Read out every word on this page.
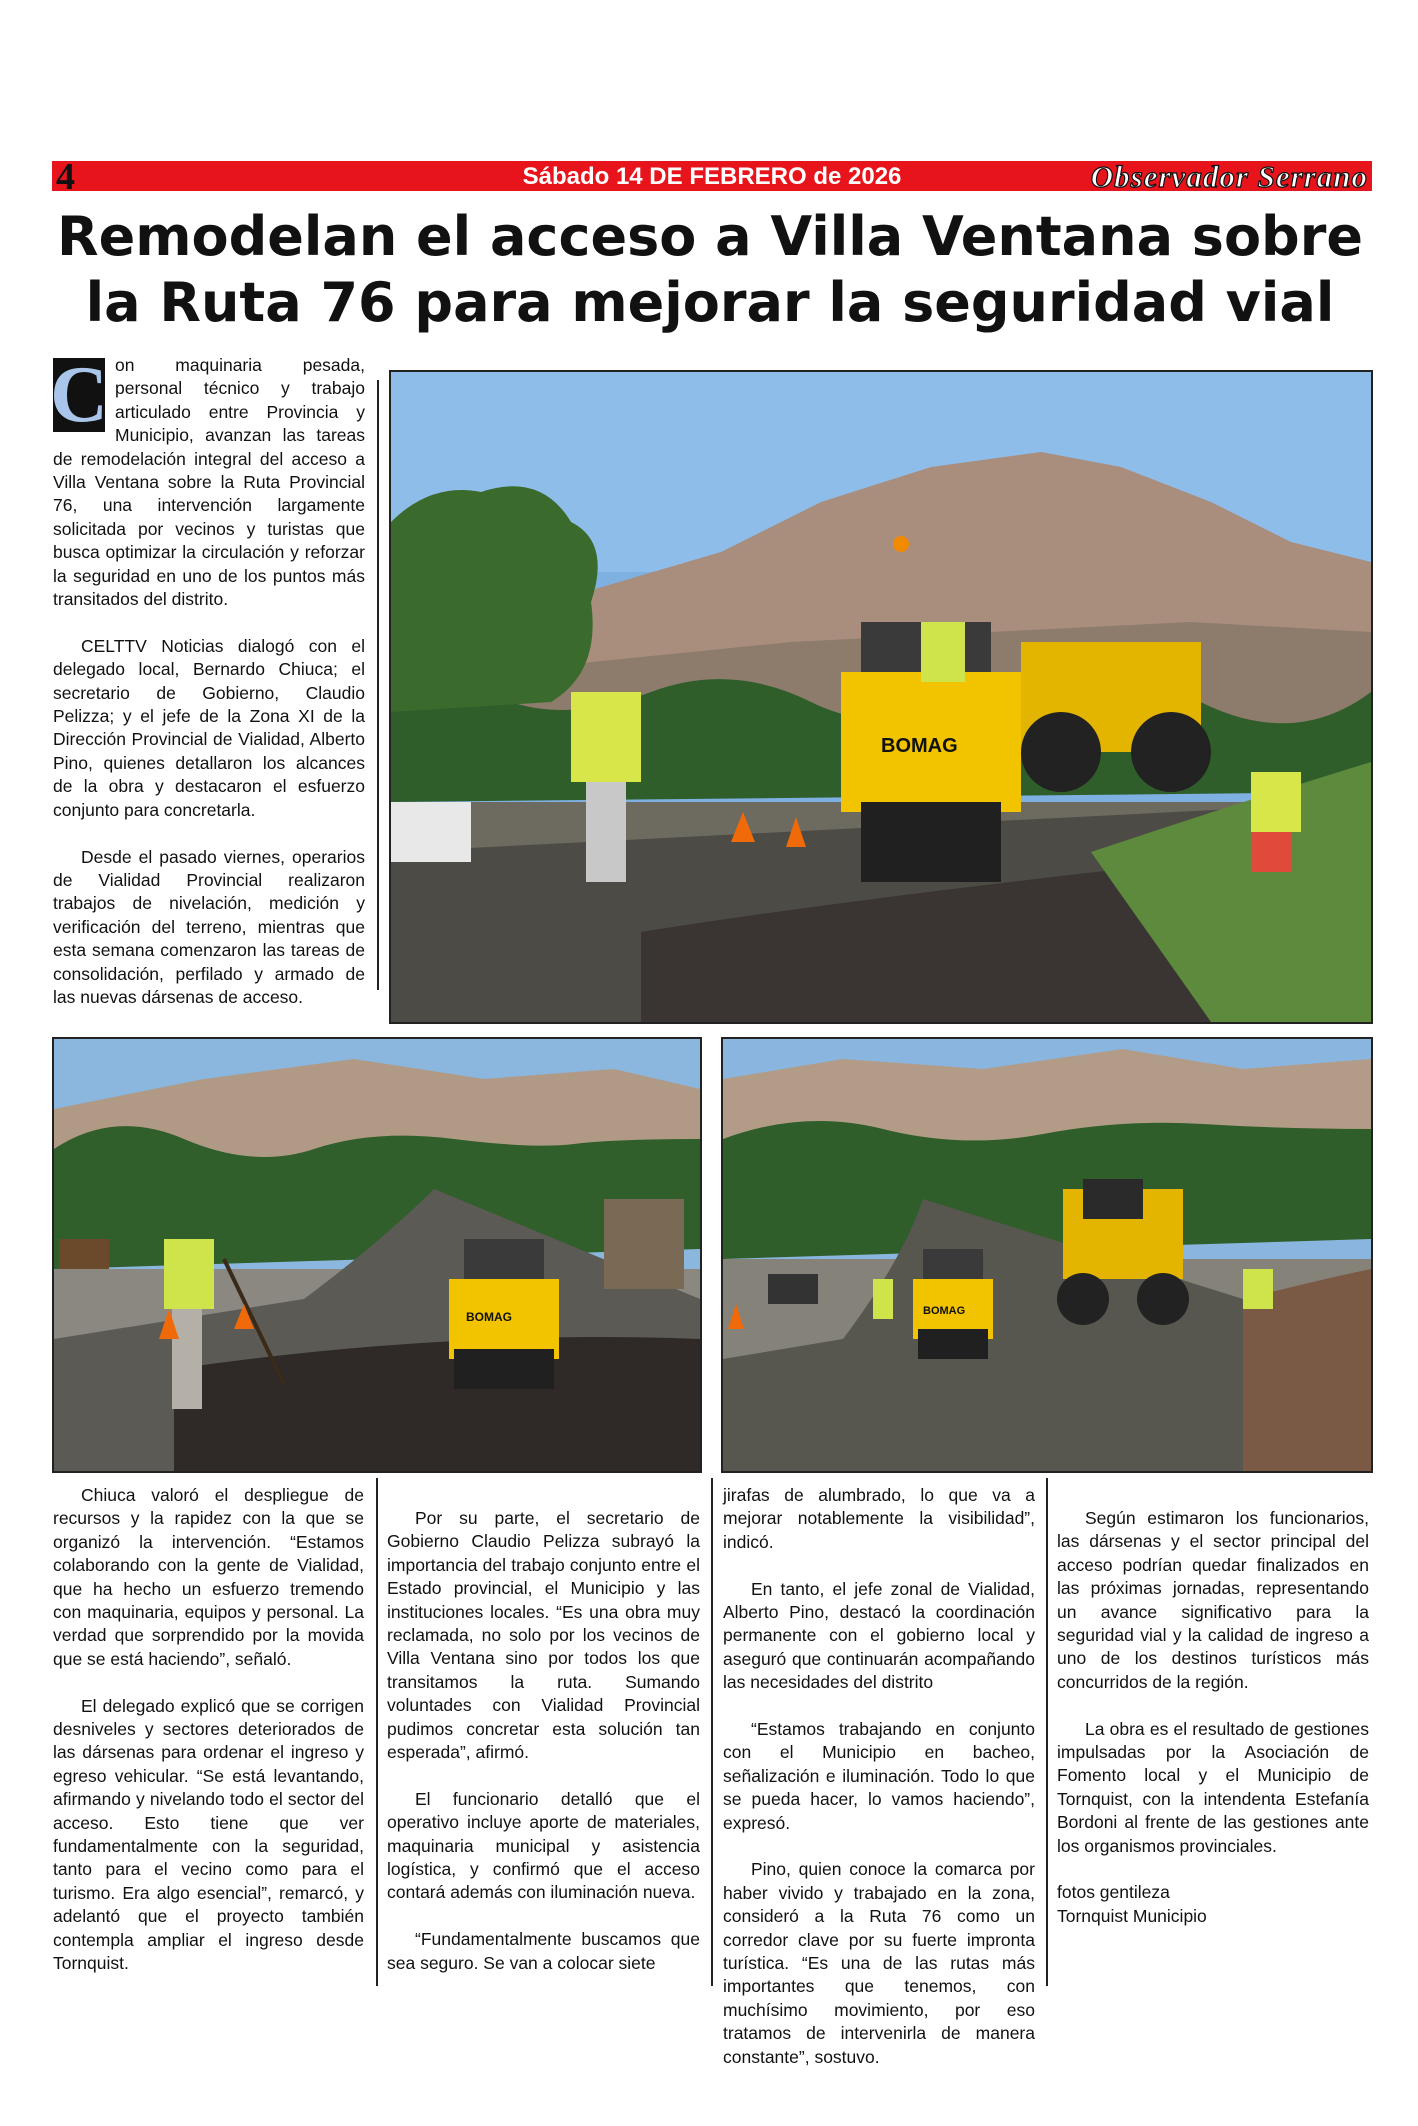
4	Sábado 14 DE FEBRERO de 2026	Observador Serrano
Remodelan el acceso a Villa Ventana sobre
la Ruta 76 para mejorar la seguridad vial

C on maquinaria pesada, personal técnico y trabajo articulado entre Provincia y Municipio, avanzan las tareas de remodelación integral del acceso a Villa Ventana sobre la Ruta Provincial 76, una intervención largamente solicitada por vecinos y turistas que busca optimizar la circulación y reforzar la seguridad en uno de los puntos más transitados del distrito.

CELTTV Noticias dialogó con el delegado local, Bernardo Chiuca; el secretario de Gobierno, Claudio Pelizza; y el jefe de la Zona XI de la Dirección Provincial de Vialidad, Alberto Pino, quienes detallaron los alcances de la obra y destacaron el esfuerzo conjunto para concretarla.

Desde el pasado viernes, operarios de Vialidad Provincial realizaron trabajos de nivelación, medición y verificación del terreno, mientras que esta semana comenzaron las tareas de consolidación, perfilado y armado de las nuevas dársenas de acceso.

BOMAG
BOMAG	BOMAG

Chiuca valoró el despliegue de recursos y la rapidez con la que se organizó la intervención. “Estamos colaborando con la gente de Vialidad, que ha hecho un esfuerzo tremendo con maquinaria, equipos y personal. La verdad que sorprendido por la movida que se está haciendo”, señaló.

El delegado explicó que se corrigen desniveles y sectores deteriorados de las dársenas para ordenar el ingreso y egreso vehicular. “Se está levantando, afirmando y nivelando todo el sector del acceso. Esto tiene que ver fundamentalmente con la seguridad, tanto para el vecino como para el turismo. Era algo esencial”, remarcó, y adelantó que el proyecto también contempla ampliar el ingreso desde Tornquist.

Por su parte, el secretario de Gobierno Claudio Pelizza subrayó la importancia del trabajo conjunto entre el Estado provincial, el Municipio y las instituciones locales. “Es una obra muy reclamada, no solo por los vecinos de Villa Ventana sino por todos los que transitamos la ruta. Sumando voluntades con Vialidad Provincial pudimos concretar esta solución tan esperada”, afirmó.

El funcionario detalló que el operativo incluye aporte de materiales, maquinaria municipal y asistencia logística, y confirmó que el acceso contará además con iluminación nueva.

“Fundamentalmente buscamos que sea seguro. Se van a colocar siete

jirafas de alumbrado, lo que va a mejorar notablemente la visibilidad”, indicó.

En tanto, el jefe zonal de Vialidad, Alberto Pino, destacó la coordinación permanente con el gobierno local y aseguró que continuarán acompañando las necesidades del distrito

“Estamos trabajando en conjunto con el Municipio en bacheo, señalización e iluminación. Todo lo que se pueda hacer, lo vamos haciendo”, expresó.

Pino, quien conoce la comarca por haber vivido y trabajado en la zona, consideró a la Ruta 76 como un corredor clave por su fuerte impronta turística. “Es una de las rutas más importantes que tenemos, con muchísimo movimiento, por eso tratamos de intervenirla de manera constante”, sostuvo.

Según estimaron los funcionarios, las dársenas y el sector principal del acceso podrían quedar finalizados en las próximas jornadas, representando un avance significativo para la seguridad vial y la calidad de ingreso a uno de los destinos turísticos más concurridos de la región.

La obra es el resultado de gestiones impulsadas por la Asociación de Fomento local y el Municipio de Tornquist, con la intendenta Estefanía Bordoni al frente de las gestiones ante los organismos provinciales.

fotos gentileza
Tornquist Municipio
